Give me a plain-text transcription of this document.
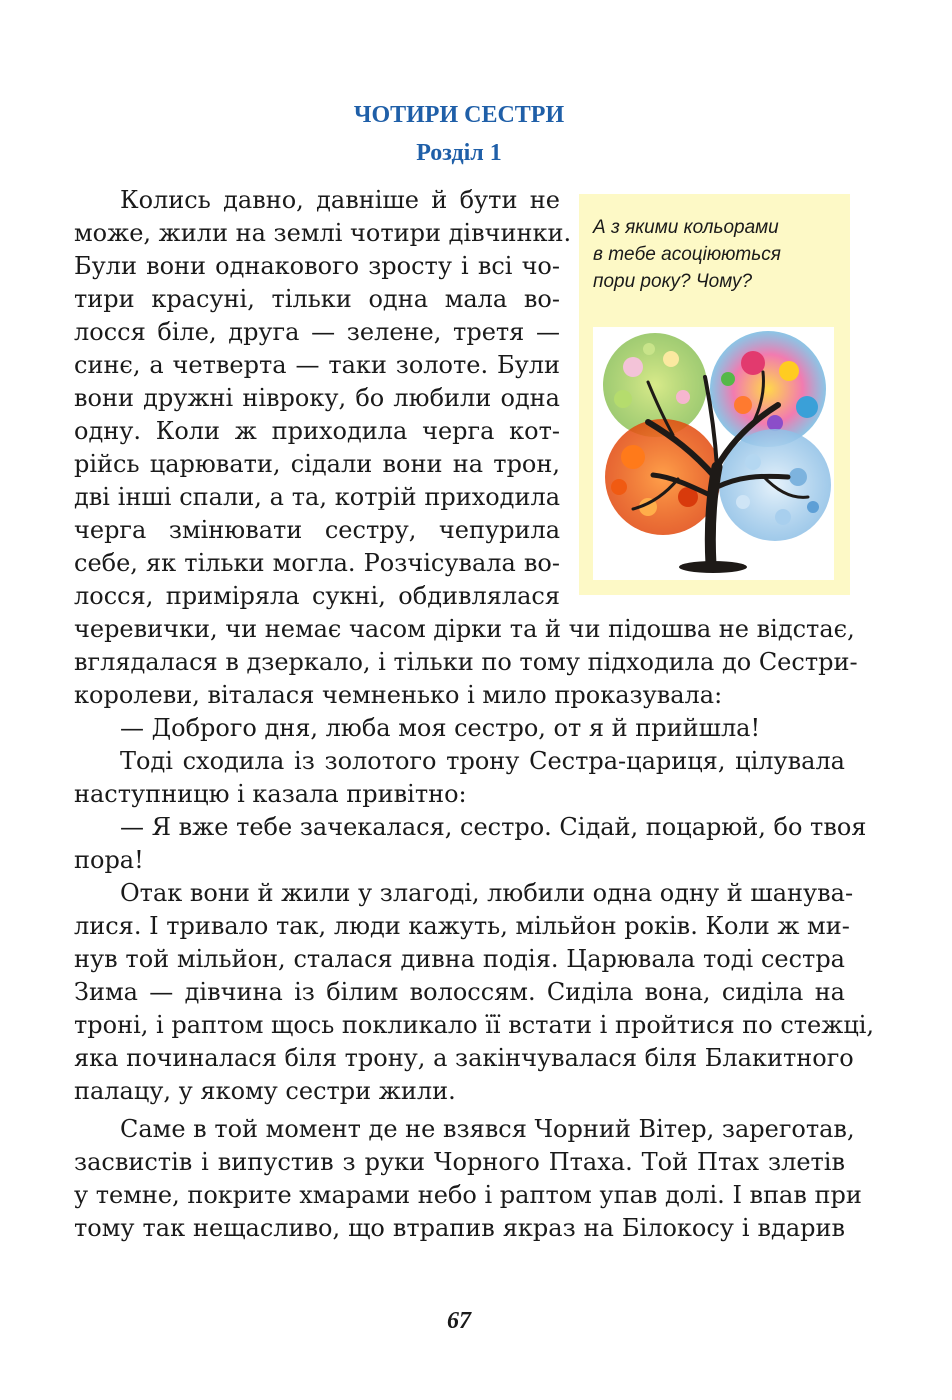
ЧОТИРИ СЕСТРИ
Розділ 1
А з якими кольорами
в тебе асоціюються
пори року? Чому?
Колись давно, давніше й бути не
може, жили на землі чотири дівчинки.
Були вони однакового зросту і всі чо-
тири красуні, тільки одна мала во-
лосся біле, друга — зелене, третя —
синє, а четверта — таки золоте. Були
вони дружні нівроку, бо любили одна
одну. Коли ж приходила черга кот-
рійсь царювати, сідали вони на трон,
дві інші спали, а та, котрій приходила
черга змінювати сестру, чепурила
себе, як тільки могла. Розчісувала во-
лосся, приміряла сукні, обдивлялася
черевички, чи немає часом дірки та й чи підошва не відстає,
вглядалася в дзеркало, і тільки по тому підходила до Сестри-
королеви, віталася чемненько і мило проказувала:
— Доброго дня, люба моя сестро, от я й прийшла!
Тоді сходила із золотого трону Сестра-цариця, цілувала
наступницю і казала привітно:
— Я вже тебе зачекалася, сестро. Сідай, поцарюй, бо твоя
пора!
Отак вони й жили у злагоді, любили одна одну й шанува-
лися. І тривало так, люди кажуть, мільйон років. Коли ж ми-
нув той мільйон, сталася дивна подія. Царювала тоді сестра
Зима — дівчина із білим волоссям. Сиділа вона, сиділа на
троні, і раптом щось покликало її встати і пройтися по стежці,
яка починалася біля трону, а закінчувалася біля Блакитного
палацу, у якому сестри жили.
Саме в той момент де не взявся Чорний Вітер, зареготав,
засвистів і випустив з руки Чорного Птаха. Той Птах злетів
у темне, покрите хмарами небо і раптом упав долі. І впав при
тому так нещасливо, що втрапив якраз на Білокосу і вдарив
67
